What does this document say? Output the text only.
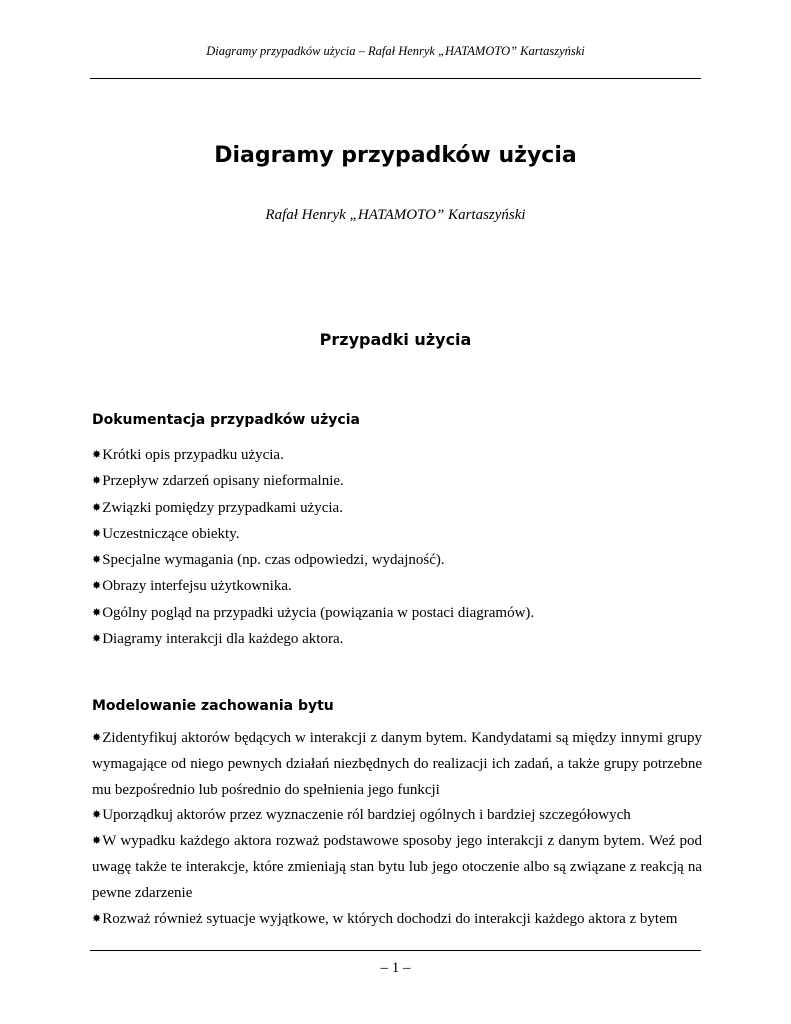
Diagramy przypadków użycia – Rafał Henryk „HATAMOTO” Kartaszyński
Diagramy przypadków użycia
Rafał Henryk „HATAMOTO” Kartaszyński
Przypadki użycia
Dokumentacja przypadków użycia
✸Krótki opis przypadku użycia.
✸Przepływ zdarzeń opisany nieformalnie.
✸Związki pomiędzy przypadkami użycia.
✸Uczestniczące obiekty.
✸Specjalne wymagania (np. czas odpowiedzi, wydajność).
✸Obrazy interfejsu użytkownika.
✸Ogólny pogląd na przypadki użycia (powiązania w postaci diagramów).
✸Diagramy interakcji dla każdego aktora.
Modelowanie zachowania bytu
✸Zidentyfikuj aktorów będących w interakcji z danym bytem. Kandydatami są między innymi grupy wymagające od niego pewnych działań niezbędnych do realizacji ich zadań, a także grupy potrzebne mu bezpośrednio lub pośrednio do spełnienia jego funkcji
✸Uporządkuj aktorów przez wyznaczenie ról bardziej ogólnych i bardziej szczegółowych
✸W wypadku każdego aktora rozważ podstawowe sposoby jego interakcji z danym bytem. Weź pod uwagę także te interakcje, które zmieniają stan bytu lub jego otoczenie albo są związane z reakcją na pewne zdarzenie
✸Rozważ również sytuacje wyjątkowe, w których dochodzi do interakcji każdego aktora z bytem
– 1 –
